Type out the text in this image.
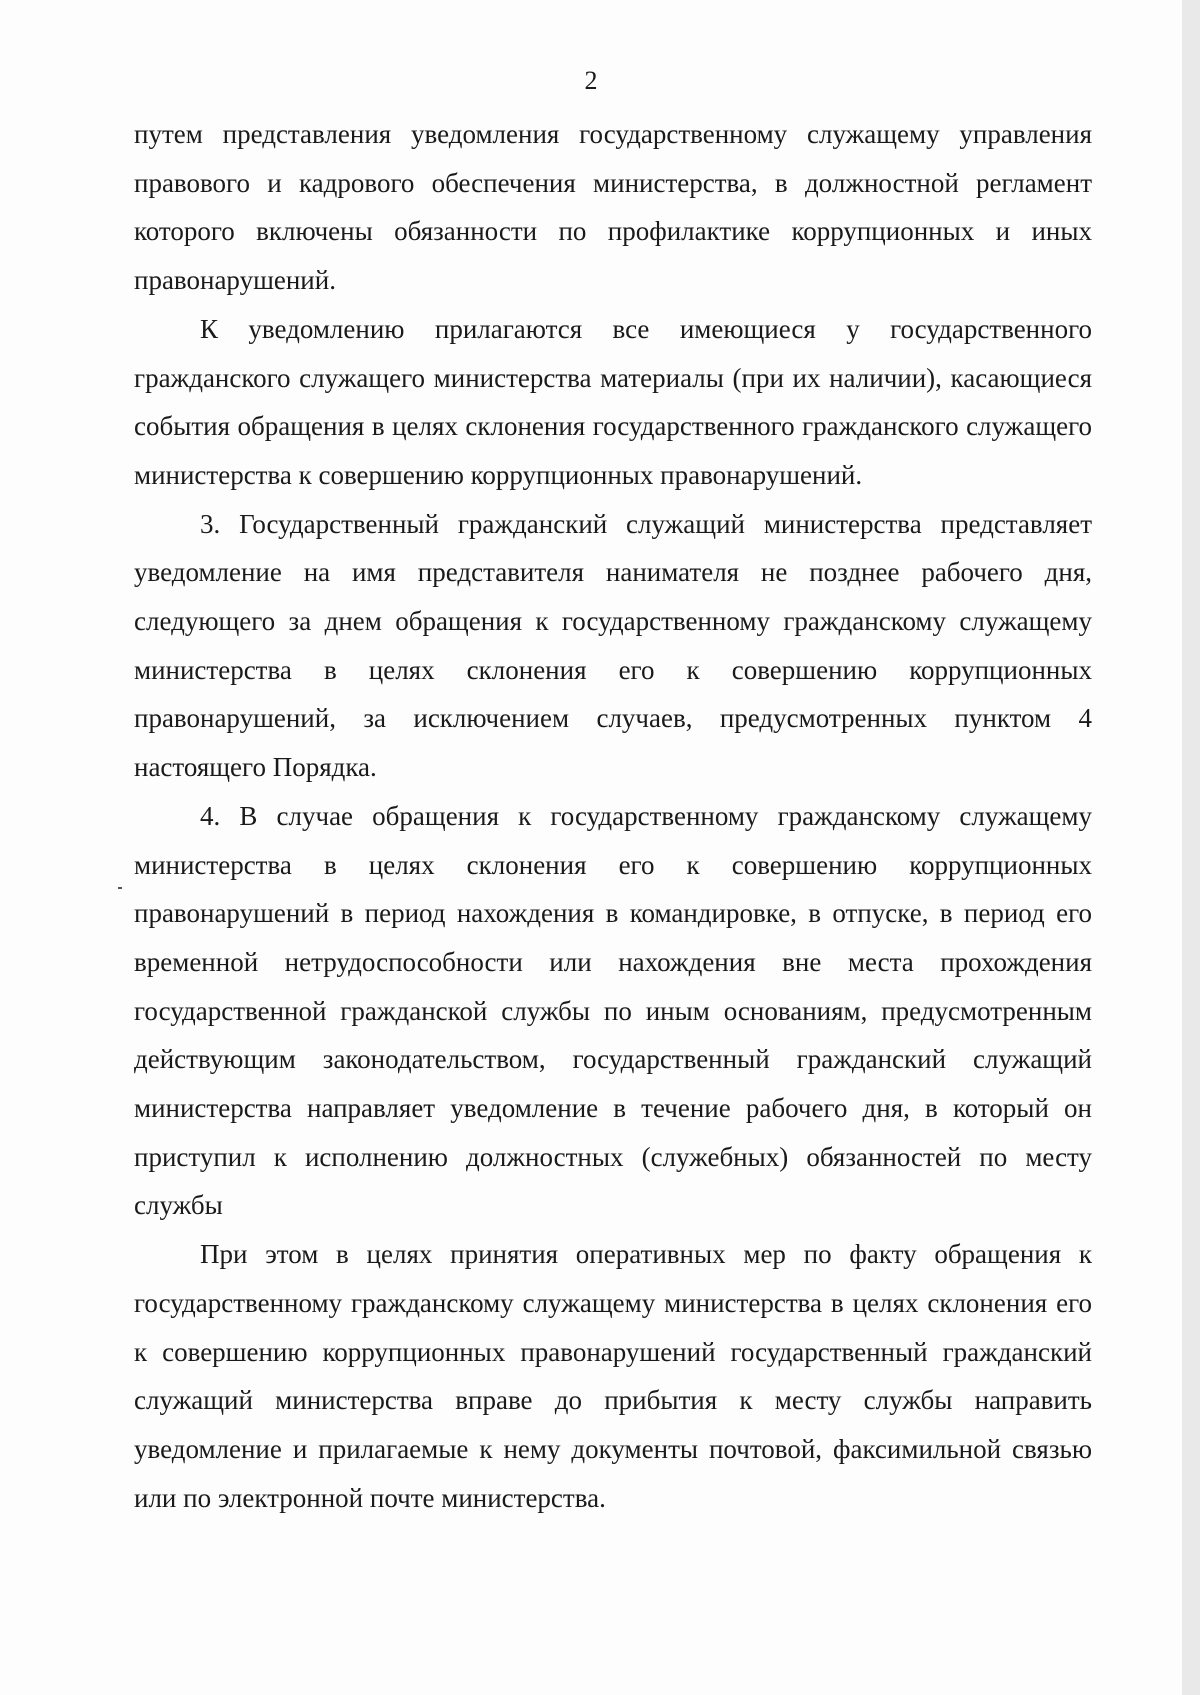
2

путем представления уведомления государственному служащему управления правового и кадрового обеспечения министерства, в должностной регламент которого включены обязанности по профилактике коррупционных и иных правонарушений.

К уведомлению прилагаются все имеющиеся у государственного гражданского служащего министерства материалы (при их наличии), касающиеся события обращения в целях склонения государственного гражданского служащего министерства к совершению коррупционных правонарушений.

3. Государственный гражданский служащий министерства представляет уведомление на имя представителя нанимателя не позднее рабочего дня, следующего за днем обращения к государственному гражданскому служащему министерства в целях склонения его к совершению коррупционных правонарушений, за исключением случаев, предусмотренных пунктом 4 настоящего Порядка.

4. В случае обращения к государственному гражданскому служащему министерства в целях склонения его к совершению коррупционных правонарушений в период нахождения в командировке, в отпуске, в период его временной нетрудоспособности или нахождения вне места прохождения государственной гражданской службы по иным основаниям, предусмотренным действующим законодательством, государственный гражданский служащий министерства направляет уведомление в течение рабочего дня, в который он приступил к исполнению должностных (служебных) обязанностей по месту службы

При этом в целях принятия оперативных мер по факту обращения к государственному гражданскому служащему министерства в целях склонения его к совершению коррупционных правонарушений государственный гражданский служащий министерства вправе до прибытия к месту службы направить уведомление и прилагаемые к нему документы почтовой, факсимильной связью или по электронной почте министерства.
